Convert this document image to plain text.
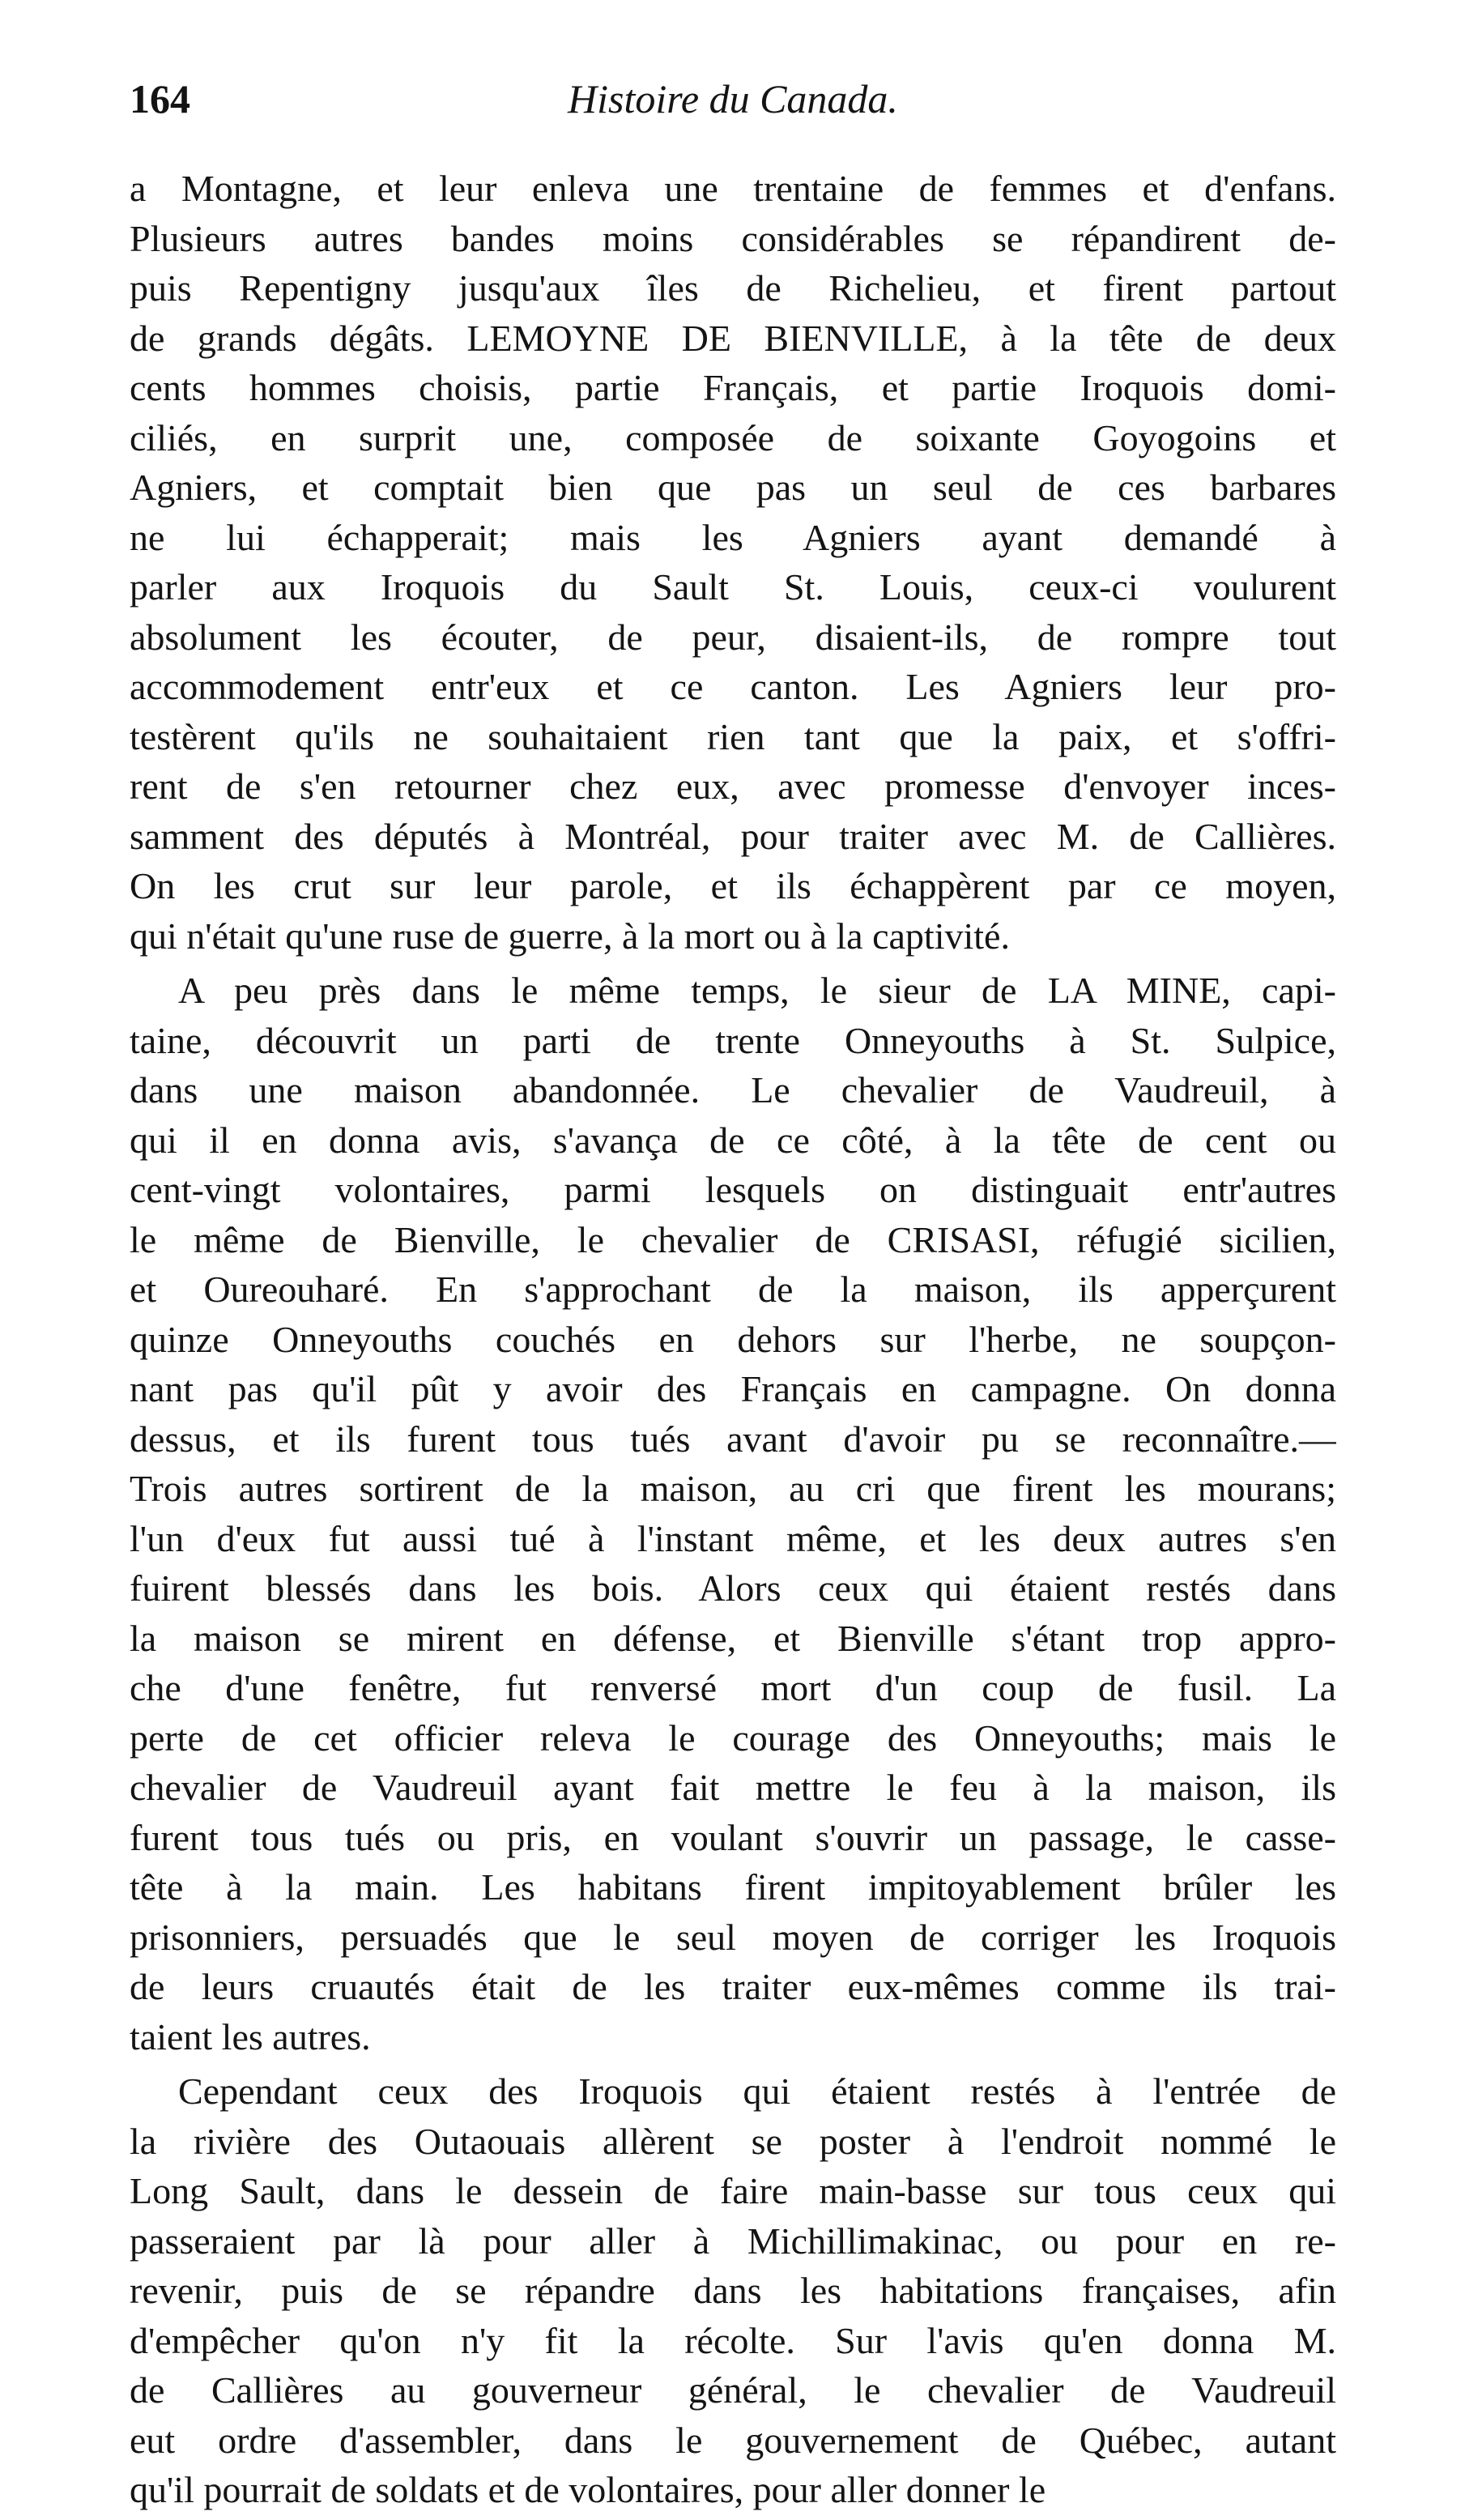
164	Histoire du Canada.
a Montagne, et leur enleva une trentaine de femmes et d'enfans.
Plusieurs autres bandes moins considérables se répandirent de-
puis Repentigny jusqu'aux îles de Richelieu, et firent partout
de grands dégâts. LEMOYNE DE BIENVILLE, à la tête de deux
cents hommes choisis, partie Français, et partie Iroquois domi-
ciliés, en surprit une, composée de soixante Goyogoins et
Agniers, et comptait bien que pas un seul de ces barbares
ne lui échapperait; mais les Agniers ayant demandé à
parler aux Iroquois du Sault St. Louis, ceux-ci voulurent
absolument les écouter, de peur, disaient-ils, de rompre tout
accommodement entr'eux et ce canton. Les Agniers leur pro-
testèrent qu'ils ne souhaitaient rien tant que la paix, et s'offri-
rent de s'en retourner chez eux, avec promesse d'envoyer inces-
samment des députés à Montréal, pour traiter avec M. de Callières.
On les crut sur leur parole, et ils échappèrent par ce moyen,
qui n'était qu'une ruse de guerre, à la mort ou à la captivité.
A peu près dans le même temps, le sieur de LA MINE, capi-
taine, découvrit un parti de trente Onneyouths à St. Sulpice,
dans une maison abandonnée. Le chevalier de Vaudreuil, à
qui il en donna avis, s'avança de ce côté, à la tête de cent ou
cent-vingt volontaires, parmi lesquels on distinguait entr'autres
le même de Bienville, le chevalier de CRISASI, réfugié sicilien,
et Oureouharé. En s'approchant de la maison, ils apperçurent
quinze Onneyouths couchés en dehors sur l'herbe, ne soupçon-
nant pas qu'il pût y avoir des Français en campagne. On donna
dessus, et ils furent tous tués avant d'avoir pu se reconnaître.—
Trois autres sortirent de la maison, au cri que firent les mourans;
l'un d'eux fut aussi tué à l'instant même, et les deux autres s'en
fuirent blessés dans les bois. Alors ceux qui étaient restés dans
la maison se mirent en défense, et Bienville s'étant trop appro-
che d'une fenêtre, fut renversé mort d'un coup de fusil. La
perte de cet officier releva le courage des Onneyouths; mais le
chevalier de Vaudreuil ayant fait mettre le feu à la maison, ils
furent tous tués ou pris, en voulant s'ouvrir un passage, le casse-
tête à la main. Les habitans firent impitoyablement brûler les
prisonniers, persuadés que le seul moyen de corriger les Iroquois
de leurs cruautés était de les traiter eux-mêmes comme ils trai-
taient les autres.
Cependant ceux des Iroquois qui étaient restés à l'entrée de
la rivière des Outaouais allèrent se poster à l'endroit nommé le
Long Sault, dans le dessein de faire main-basse sur tous ceux qui
passeraient par là pour aller à Michillimakinac, ou pour en re-
revenir, puis de se répandre dans les habitations françaises, afin
d'empêcher qu'on n'y fit la récolte. Sur l'avis qu'en donna M.
de Callières au gouverneur général, le chevalier de Vaudreuil
eut ordre d'assembler, dans le gouvernement de Québec, autant
qu'il pourrait de soldats et de volontaires, pour aller donner le
